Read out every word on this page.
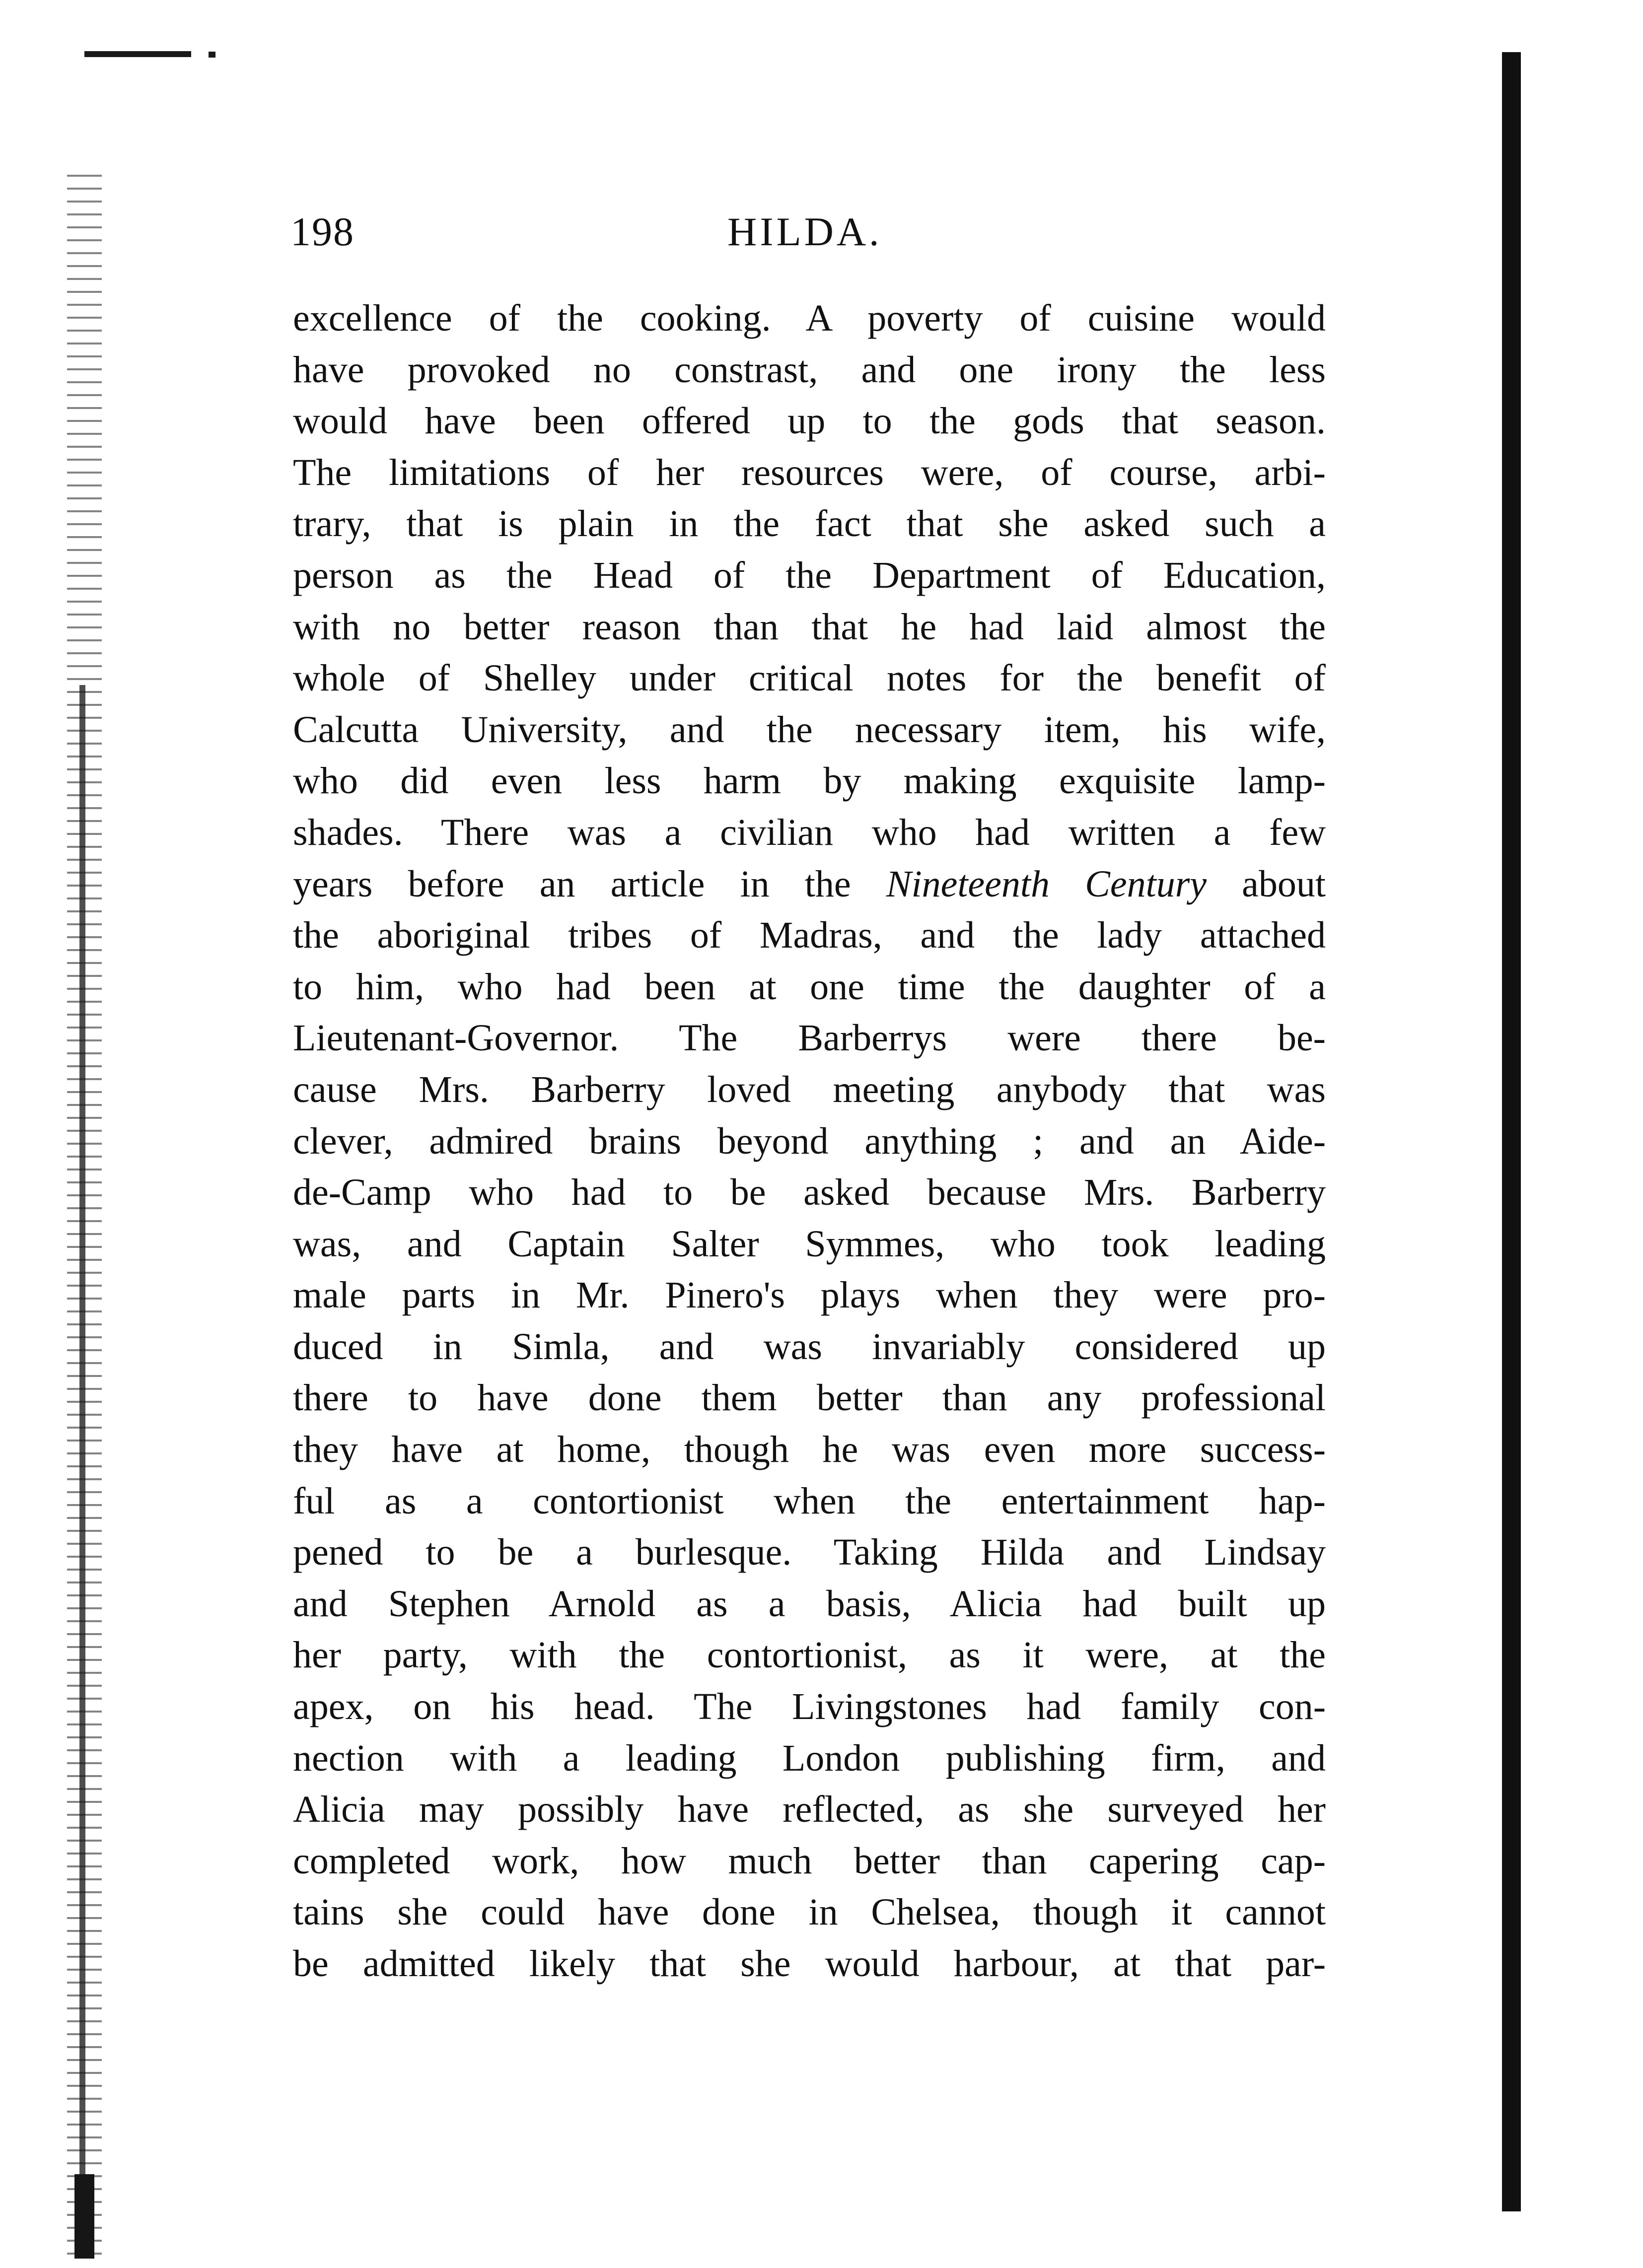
198	HILDA.
excellence of the cooking. A poverty of cuisine would
have provoked no constrast, and one irony the less
would have been offered up to the gods that season.
The limitations of her resources were, of course, arbi-
trary, that is plain in the fact that she asked such a
person as the Head of the Department of Education,
with no better reason than that he had laid almost the
whole of Shelley under critical notes for the benefit of
Calcutta University, and the necessary item, his wife,
who did even less harm by making exquisite lamp-
shades. There was a civilian who had written a few
years before an article in the Nineteenth Century about
the aboriginal tribes of Madras, and the lady attached
to him, who had been at one time the daughter of a
Lieutenant-Governor. The Barberrys were there be-
cause Mrs. Barberry loved meeting anybody that was
clever, admired brains beyond anything ; and an Aide-
de-Camp who had to be asked because Mrs. Barberry
was, and Captain Salter Symmes, who took leading
male parts in Mr. Pinero's plays when they were pro-
duced in Simla, and was invariably considered up
there to have done them better than any professional
they have at home, though he was even more success-
ful as a contortionist when the entertainment hap-
pened to be a burlesque. Taking Hilda and Lindsay
and Stephen Arnold as a basis, Alicia had built up
her party, with the contortionist, as it were, at the
apex, on his head. The Livingstones had family con-
nection with a leading London publishing firm, and
Alicia may possibly have reflected, as she surveyed her
completed work, how much better than capering cap-
tains she could have done in Chelsea, though it cannot
be admitted likely that she would harbour, at that par-
